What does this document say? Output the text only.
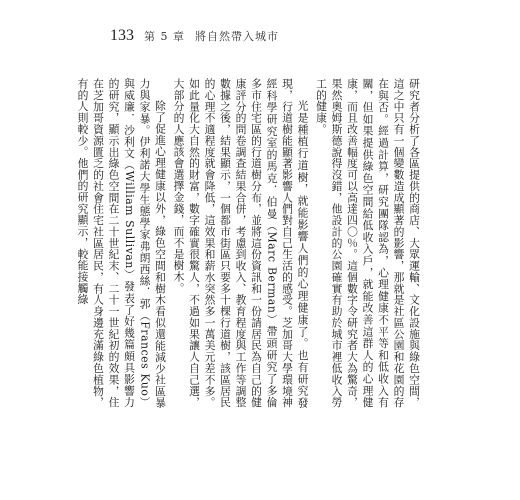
133 第 5 章 將自然帶入城市

研究者分析了各區提供的商店、大眾運輸、文化設施與綠色空間，這之中只有一個變數造成顯著的影響，那就是社區公園和花園的存在與否。經過計算，研究團隊認為，心理健康不平等和低收入有關，但如果提供綠色空間給低收入戶，就能改善這群人的心理健康，而且改善幅度可以高達四〇％。這個數字令研究者大為驚奇，果然奧姆斯德說得沒錯，他設計的公園確實有助於城市裡低收入勞工的健康。

光是種植行道樹，就能影響人們的心理健康了。也有研究發現，行道樹能顯著影響人們對自己生活的感受。芝加哥大學環境神經科學研究室的馬克．伯曼（Marc Berman）帶頭研究了多倫多市住宅區的行道樹分布，並將這份資訊和一份請居民為自己的健康評分的問卷調查結果合併，考慮到收入、教育程度與工作等調整數據之後，結果顯示，一個都市街區只要多十棵行道樹，該區居民的心理不適程度就會降低，這效果和薪水突然多一萬美元差不多。如此量化大自然的財富，數字確實很驚人，不過如果讓人自己選，大部分的人應該會選擇金錢，而不是樹木。

除了促進心理健康以外，綠色空間和樹木看似還能減少社區暴力與家暴。伊利諾大學生態學家弗朗西絲．郭（Frances Kuo）與威廉．沙利文（William Sullivan）發表了好幾篇頗具影響力的研究，顯示出綠色空間在二十世紀末、二十一世紀初的效果，住在芝加哥資源匱乏的社會住宅社區居民，有人身邊充滿綠色植物，有的人則較少。他們的研究顯示，較能接觸綠
